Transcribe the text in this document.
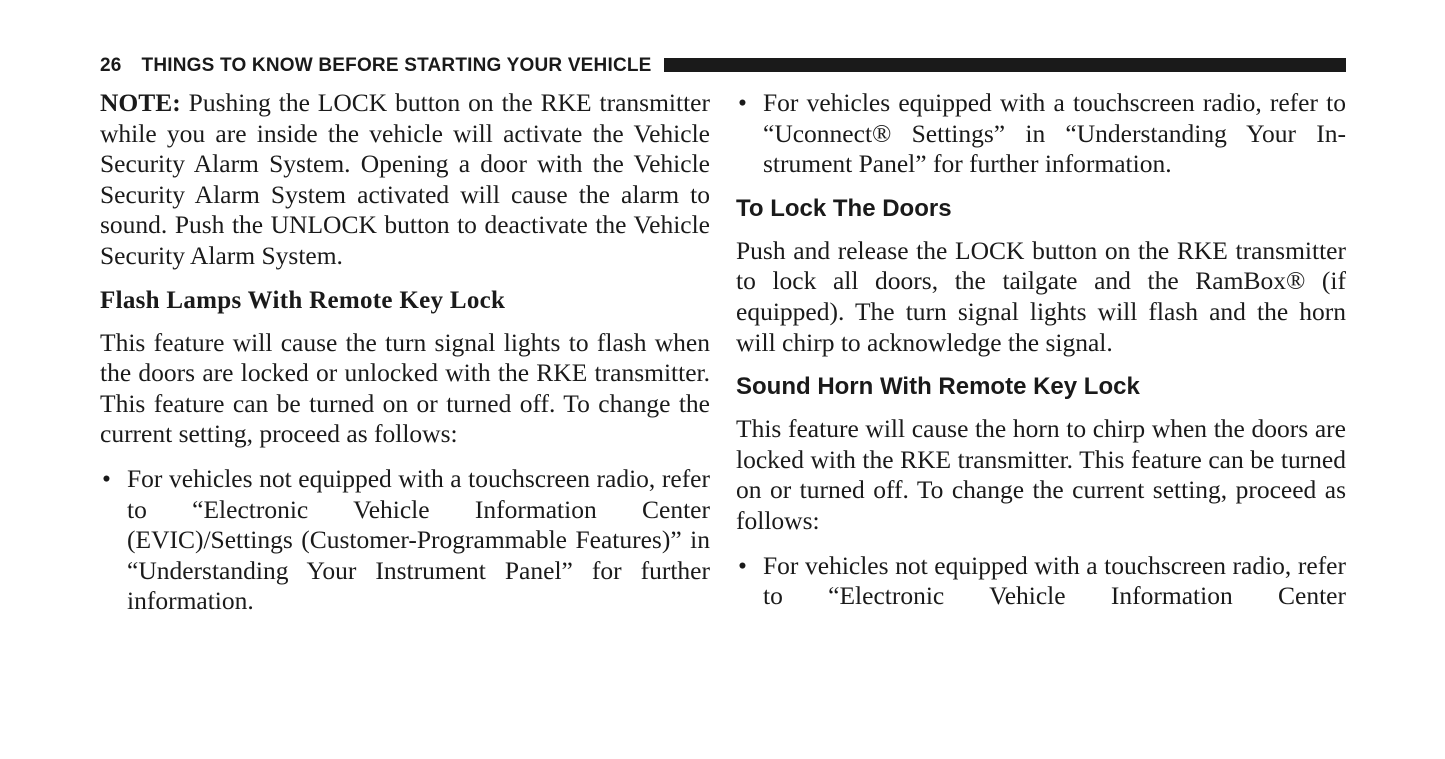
26 THINGS TO KNOW BEFORE STARTING YOUR VEHICLE

NOTE: Pushing the LOCK button on the RKE transmitter while you are inside the vehicle will activate the Vehicle Security Alarm System. Opening a door with the Vehicle Security Alarm System activated will cause the alarm to sound. Push the UNLOCK button to deactivate the Vehicle Security Alarm System.

Flash Lamps With Remote Key Lock

This feature will cause the turn signal lights to flash when the doors are locked or unlocked with the RKE transmitter. This feature can be turned on or turned off. To change the current setting, proceed as follows:

• For vehicles not equipped with a touchscreen radio, refer to “Electronic Vehicle Information Center (EVIC)/Settings (Customer-Programmable Features)” in “Understanding Your Instrument Panel” for further information.

• For vehicles equipped with a touchscreen radio, refer to “Uconnect® Settings” in “Understanding Your Instrument Panel” for further information.

To Lock The Doors

Push and release the LOCK button on the RKE transmitter to lock all doors, the tailgate and the RamBox® (if equipped). The turn signal lights will flash and the horn will chirp to acknowledge the signal.

Sound Horn With Remote Key Lock

This feature will cause the horn to chirp when the doors are locked with the RKE transmitter. This feature can be turned on or turned off. To change the current setting, proceed as follows:

• For vehicles not equipped with a touchscreen radio, refer to “Electronic Vehicle Information Center
